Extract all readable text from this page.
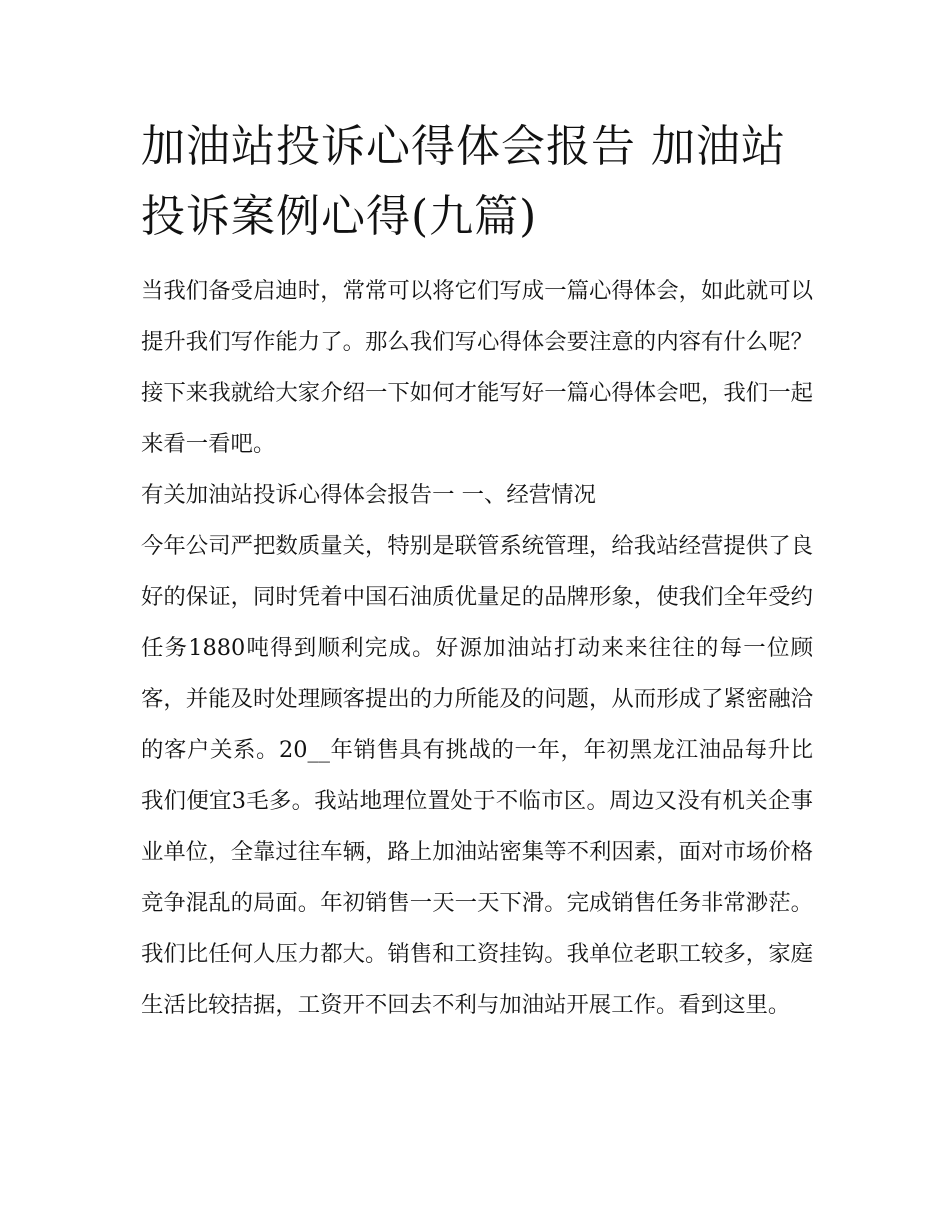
加油站投诉心得体会报告 加油站投诉案例心得(九篇)

当我们备受启迪时，常常可以将它们写成一篇心得体会，如此就可以提升我们写作能力了。那么我们写心得体会要注意的内容有什么呢？接下来我就给大家介绍一下如何才能写好一篇心得体会吧，我们一起来看一看吧。

有关加油站投诉心得体会报告一 一、经营情况

今年公司严把数质量关，特别是联管系统管理，给我站经营提供了良好的保证，同时凭着中国石油质优量足的品牌形象，使我们全年受约任务1880吨得到顺利完成。好源加油站打动来来往往的每一位顾客，并能及时处理顾客提出的力所能及的问题，从而形成了紧密融洽的客户关系。20__年销售具有挑战的一年，年初黑龙江油品每升比我们便宜3毛多。我站地理位置处于不临市区。周边又没有机关企事业单位，全靠过往车辆，路上加油站密集等不利因素，面对市场价格竞争混乱的局面。年初销售一天一天下滑。完成销售任务非常渺茫。我们比任何人压力都大。销售和工资挂钩。我单位老职工较多，家庭生活比较拮据，工资开不回去不利与加油站开展工作。看到这里。
